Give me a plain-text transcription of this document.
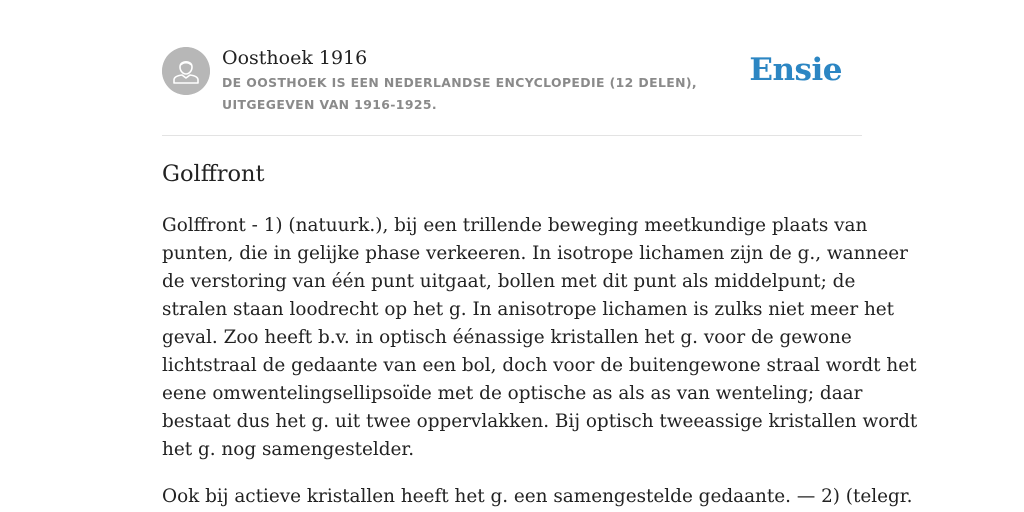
Oosthoek 1916
DE OOSTHOEK IS EEN NEDERLANDSE ENCYCLOPEDIE (12 DELEN), UITGEGEVEN VAN 1916-1925.
Ensie
Golffront

Golffront - 1) (natuurk.), bij een trillende beweging meetkundige plaats van
punten, die in gelijke phase verkeeren. In isotrope lichamen zijn de g., wanneer
de verstoring van één punt uitgaat, bollen met dit punt als middelpunt; de
stralen staan loodrecht op het g. In anisotrope lichamen is zulks niet meer het
geval. Zoo heeft b.v. in optisch éénassige kristallen het g. voor de gewone
lichtstraal de gedaante van een bol, doch voor de buitengewone straal wordt het
eene omwentelingsellipsoïde met de optische as als as van wenteling; daar
bestaat dus het g. uit twee oppervlakken. Bij optisch tweeassige kristallen wordt
het g. nog samengestelder.

Ook bij actieve kristallen heeft het g. een samengestelde gedaante. — 2) (telegr.
